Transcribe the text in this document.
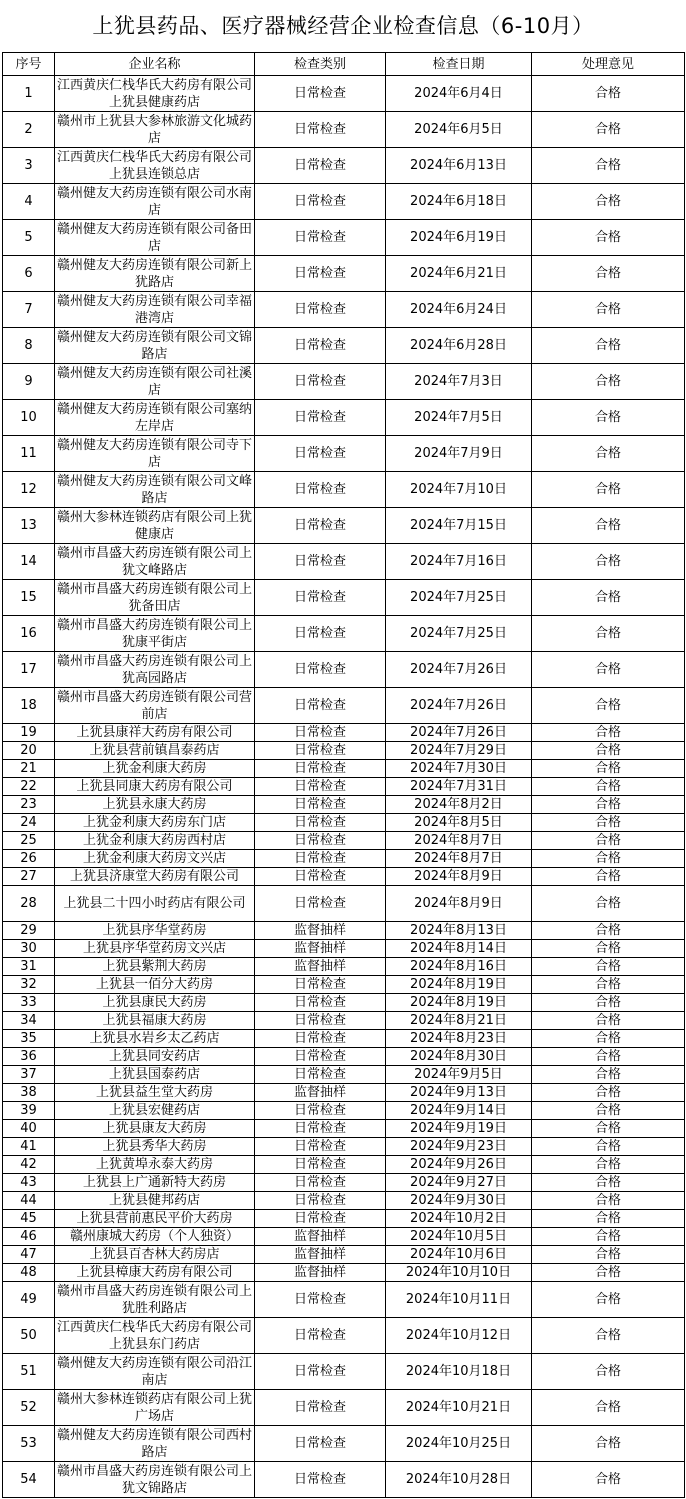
上犹县药品、医疗器械经营企业检查信息（6-10月）
序号	企业名称	检查类别	检查日期	处理意见
1	江西黄庆仁栈华氏大药房有限公司上犹县健康药店	日常检查	2024年6月4日	合格
2	赣州市上犹县大参林旅游文化城药店	日常检查	2024年6月5日	合格
3	江西黄庆仁栈华氏大药房有限公司上犹县连锁总店	日常检查	2024年6月13日	合格
4	赣州健友大药房连锁有限公司水南店	日常检查	2024年6月18日	合格
5	赣州健友大药房连锁有限公司备田店	日常检查	2024年6月19日	合格
6	赣州健友大药房连锁有限公司新上犹路店	日常检查	2024年6月21日	合格
7	赣州健友大药房连锁有限公司幸福港湾店	日常检查	2024年6月24日	合格
8	赣州健友大药房连锁有限公司文锦路店	日常检查	2024年6月28日	合格
9	赣州健友大药房连锁有限公司社溪店	日常检查	2024年7月3日	合格
10	赣州健友大药房连锁有限公司塞纳左岸店	日常检查	2024年7月5日	合格
11	赣州健友大药房连锁有限公司寺下店	日常检查	2024年7月9日	合格
12	赣州健友大药房连锁有限公司文峰路店	日常检查	2024年7月10日	合格
13	赣州大参林连锁药店有限公司上犹健康店	日常检查	2024年7月15日	合格
14	赣州市昌盛大药房连锁有限公司上犹文峰路店	日常检查	2024年7月16日	合格
15	赣州市昌盛大药房连锁有限公司上犹备田店	日常检查	2024年7月25日	合格
16	赣州市昌盛大药房连锁有限公司上犹康平街店	日常检查	2024年7月25日	合格
17	赣州市昌盛大药房连锁有限公司上犹高园路店	日常检查	2024年7月26日	合格
18	赣州市昌盛大药房连锁有限公司营前店	日常检查	2024年7月26日	合格
19	上犹县康祥大药房有限公司	日常检查	2024年7月26日	合格
20	上犹县营前镇昌泰药店	日常检查	2024年7月29日	合格
21	上犹金利康大药房	日常检查	2024年7月30日	合格
22	上犹县同康大药房有限公司	日常检查	2024年7月31日	合格
23	上犹县永康大药房	日常检查	2024年8月2日	合格
24	上犹金利康大药房东门店	日常检查	2024年8月5日	合格
25	上犹金利康大药房西村店	日常检查	2024年8月7日	合格
26	上犹金利康大药房文兴店	日常检查	2024年8月7日	合格
27	上犹县济康堂大药房有限公司	日常检查	2024年8月9日	合格
28	上犹县二十四小时药店有限公司	日常检查	2024年8月9日	合格
29	上犹县序华堂药房	监督抽样	2024年8月13日	合格
30	上犹县序华堂药房文兴店	监督抽样	2024年8月14日	合格
31	上犹县紫荆大药房	监督抽样	2024年8月16日	合格
32	上犹县一佰分大药房	日常检查	2024年8月19日	合格
33	上犹县康民大药房	日常检查	2024年8月19日	合格
34	上犹县福康大药房	日常检查	2024年8月21日	合格
35	上犹县水岩乡太乙药店	日常检查	2024年8月23日	合格
36	上犹县同安药店	日常检查	2024年8月30日	合格
37	上犹县国泰药店	日常检查	2024年9月5日	合格
38	上犹县益生堂大药房	监督抽样	2024年9月13日	合格
39	上犹县宏健药店	日常检查	2024年9月14日	合格
40	上犹县康友大药房	日常检查	2024年9月19日	合格
41	上犹县秀华大药房	日常检查	2024年9月23日	合格
42	上犹黄埠永泰大药房	日常检查	2024年9月26日	合格
43	上犹县上广通新特大药房	日常检查	2024年9月27日	合格
44	上犹县健邦药店	日常检查	2024年9月30日	合格
45	上犹县营前惠民平价大药房	日常检查	2024年10月2日	合格
46	赣州康城大药房（个人独资）	监督抽样	2024年10月5日	合格
47	上犹县百杏林大药房店	监督抽样	2024年10月6日	合格
48	上犹县樟康大药房有限公司	监督抽样	2024年10月10日	合格
49	赣州市昌盛大药房连锁有限公司上犹胜利路店	日常检查	2024年10月11日	合格
50	江西黄庆仁栈华氏大药房有限公司上犹县东门药店	日常检查	2024年10月12日	合格
51	赣州健友大药房连锁有限公司沿江南店	日常检查	2024年10月18日	合格
52	赣州大参林连锁药店有限公司上犹广场店	日常检查	2024年10月21日	合格
53	赣州健友大药房连锁有限公司西村路店	日常检查	2024年10月25日	合格
54	赣州市昌盛大药房连锁有限公司上犹文锦路店	日常检查	2024年10月28日	合格
